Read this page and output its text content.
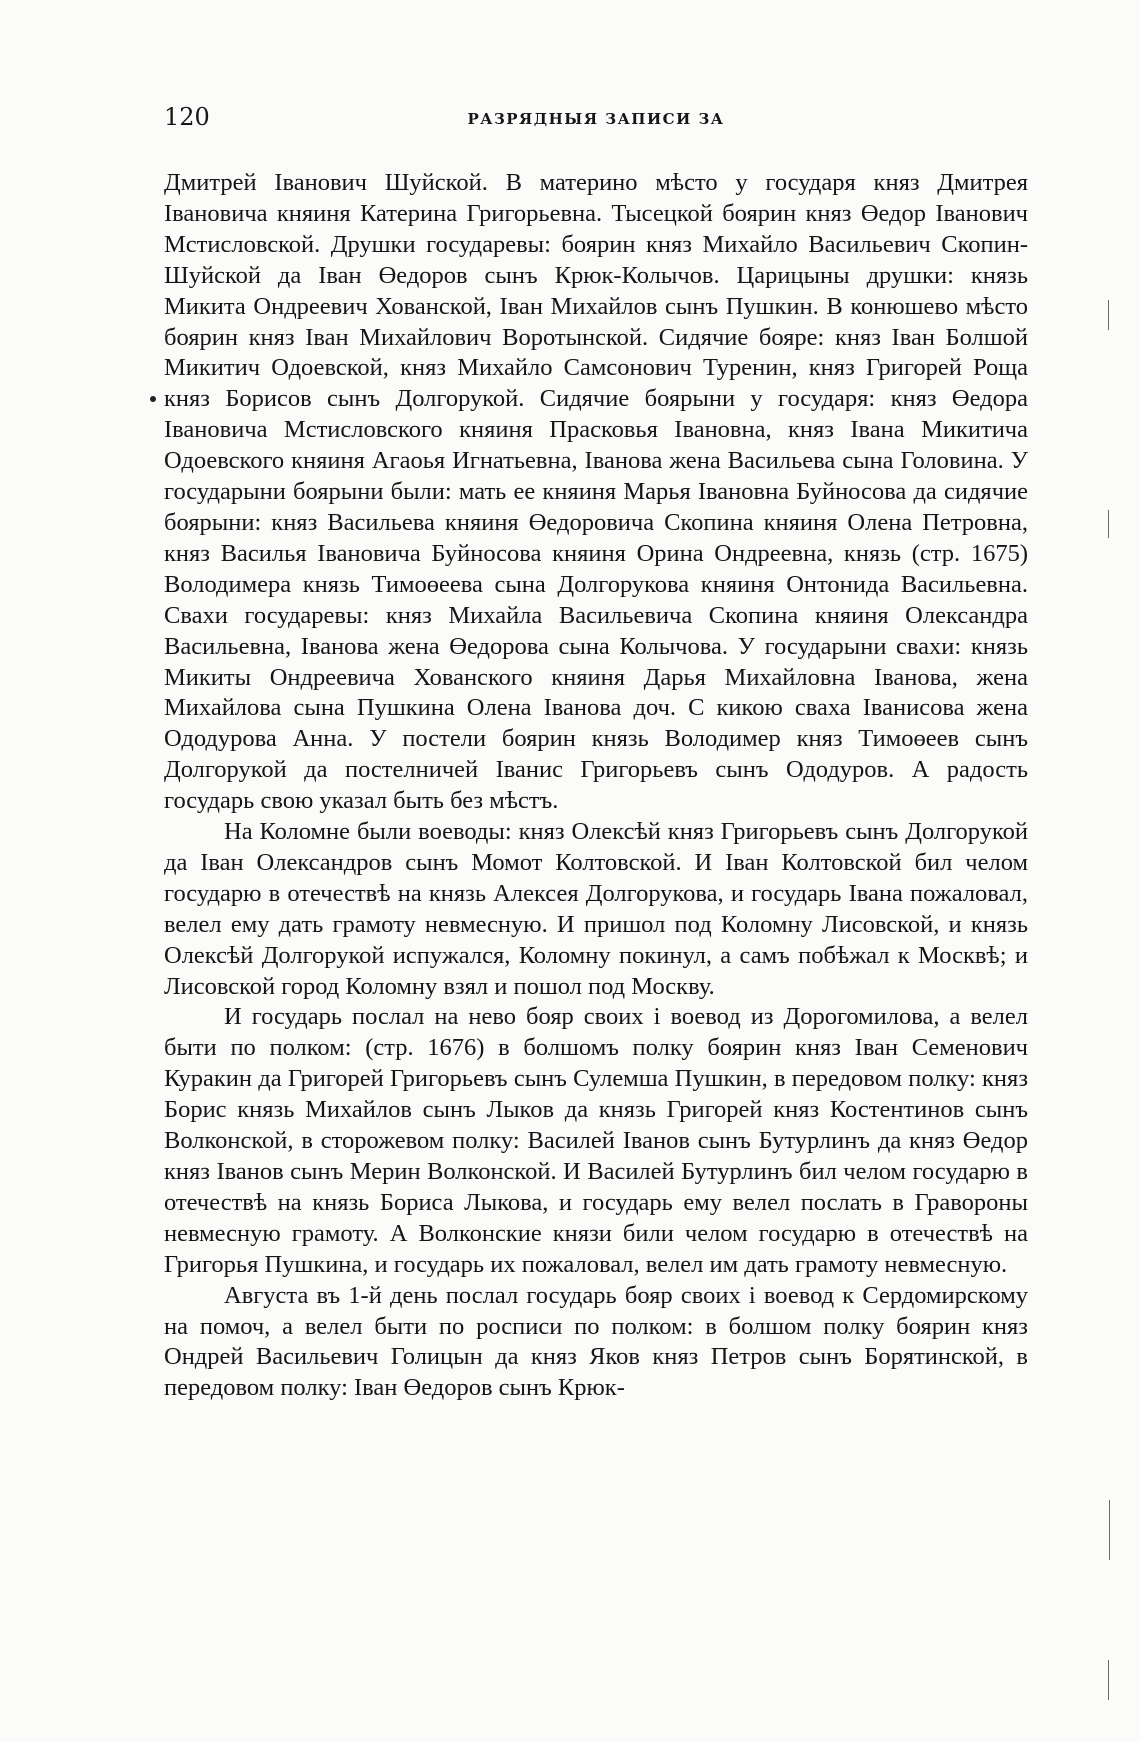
120	РАЗРЯДНЫЯ ЗАПИСИ ЗА

Дмитрей Іванович Шуйской. В материно мѣсто у государя княз Дмитрея Івановича княиня Катерина Григорьевна. Тысецкой боярин княз Өедор Іванович Мстисловской. Друшки государевы: боярин княз Михайло Васильевич Скопин-Шуйской да Іван Өедоров сынъ Крюк-Колычов. Царицыны друшки: князь Микита Ондреевич Хованской, Іван Михайлов сынъ Пушкин. В конюшево мѣсто боярин княз Іван Михайлович Воротынской. Сидячие бояре: княз Іван Болшой Микитич Одоевской, княз Михайло Самсонович Туренин, княз Григорей Роща княз Борисов сынъ Долгорукой. Сидячие боярыни у государя: княз Өедора Івановича Мстисловского княиня Прасковья Івановна, княз Івана Микитича Одоевского княиня Агаоья Игнатьевна, Іванова жена Васильева сына Головина. У государыни боярыни были: мать ее княиня Марья Івановна Буйносова да сидячие боярыни: княз Васильева княиня Өедоровича Скопина княиня Олена Петровна, княз Василья Івановича Буйносова княиня Орина Ондреевна, князь (стр. 1675) Володимера князь Тимоөеева сына Долгорукова княиня Онтонида Васильевна. Свахи государевы: княз Михайла Васильевича Скопина княиня Олександра Васильевна, Іванова жена Өедорова сына Колычова. У государыни свахи: князь Микиты Ондреевича Хованского княиня Дарья Михайловна Іванова, жена Михайлова сына Пушкина Олена Іванова доч. С кикою сваха Іванисова жена Ододурова Анна. У постели боярин князь Володимер княз Тимоөеев сынъ Долгорукой да постелничей Іванис Григорьевъ сынъ Ододуров. А радость государь свою указал быть без мѣстъ.

На Коломне были воеводы: княз Олексѣй княз Григорьевъ сынъ Долгорукой да Іван Олександров сынъ Момот Колтовской. И Іван Колтовской бил челом государю в отечествѣ на князь Алексея Долгорукова, и государь Івана пожаловал, велел ему дать грамоту невмесную. И пришол под Коломну Лисовской, и князь Олексѣй Долгорукой испужался, Коломну покинул, а самъ побѣжал к Москвѣ; и Лисовской город Коломну взял и пошол под Москву.

И государь послал на нево бояр своих і воевод из Дорогомилова, а велел быти по полком: (стр. 1676) в болшомъ полку боярин княз Іван Семенович Куракин да Григорей Григорьевъ сынъ Сулемша Пушкин, в передовом полку: княз Борис князь Михайлов сынъ Лыков да князь Григорей княз Костентинов сынъ Волконской, в сторожевом полку: Василей Іванов сынъ Бутурлинъ да княз Өедор княз Іванов сынъ Мерин Волконской. И Василей Бутурлинъ бил челом государю в отечествѣ на князь Бориса Лыкова, и государь ему велел послать в Гравороны невмесную грамоту. А Волконские князи били челом государю в отечествѣ на Григорья Пушкина, и государь их пожаловал, велел им дать грамоту невмесную.

Августа въ 1-й день послал государь бояр своих і воевод к Сердомирскому на помоч, а велел быти по росписи по полком: в болшом полку боярин княз Ондрей Васильевич Голицын да княз Яков княз Петров сынъ Борятинской, в передовом полку: Іван Өедоров сынъ Крюк-
